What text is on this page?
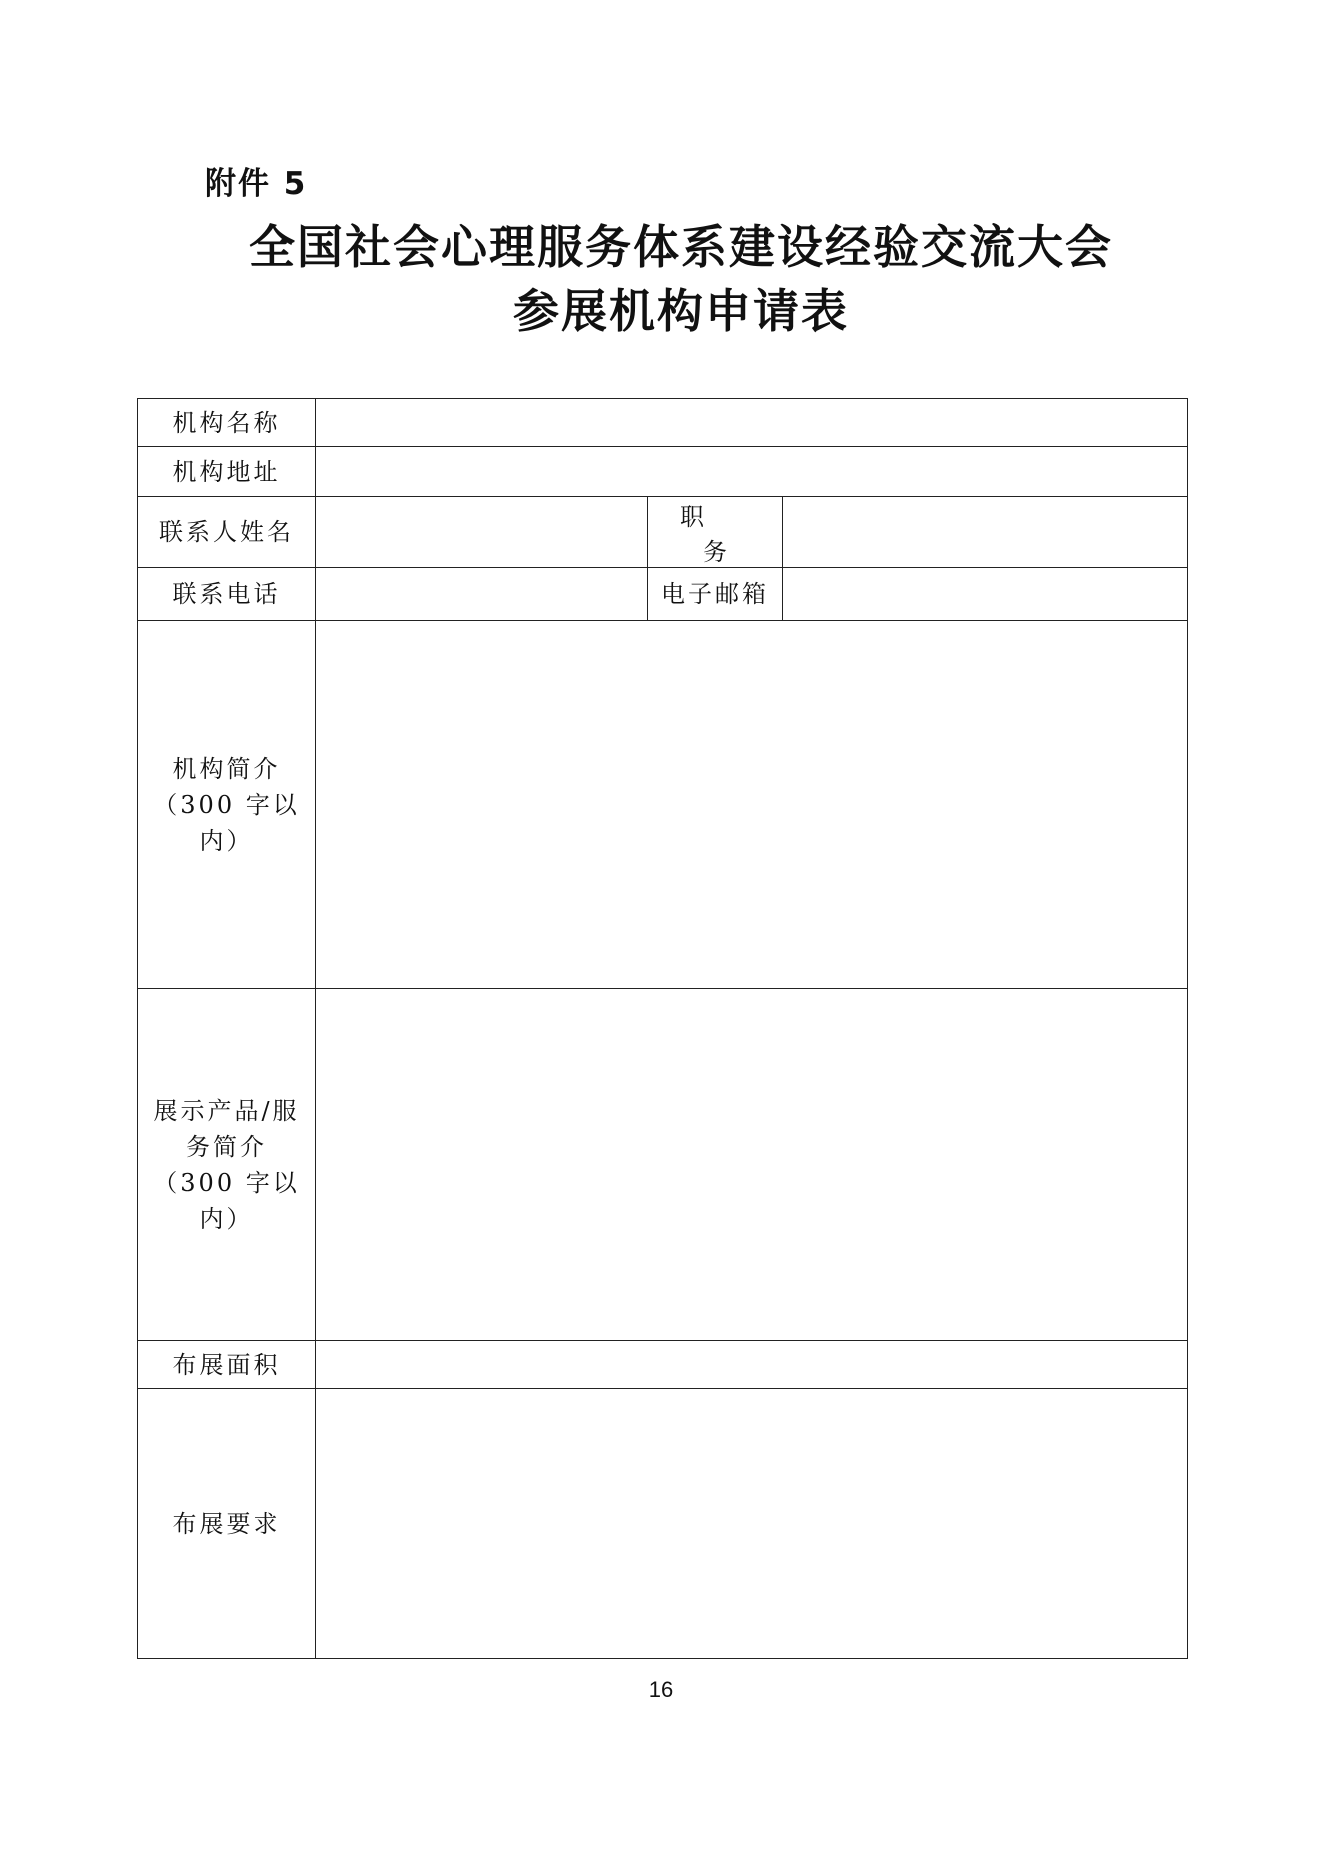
附件 5
全国社会心理服务体系建设经验交流大会
参展机构申请表
机构名称			
机构地址			
联系人姓名		职务	
联系电话		电子邮箱	

机构简介
（300 字以
内）			

展示产品/服
务简介
（300 字以
内）			

布展面积			
布展要求			
16
